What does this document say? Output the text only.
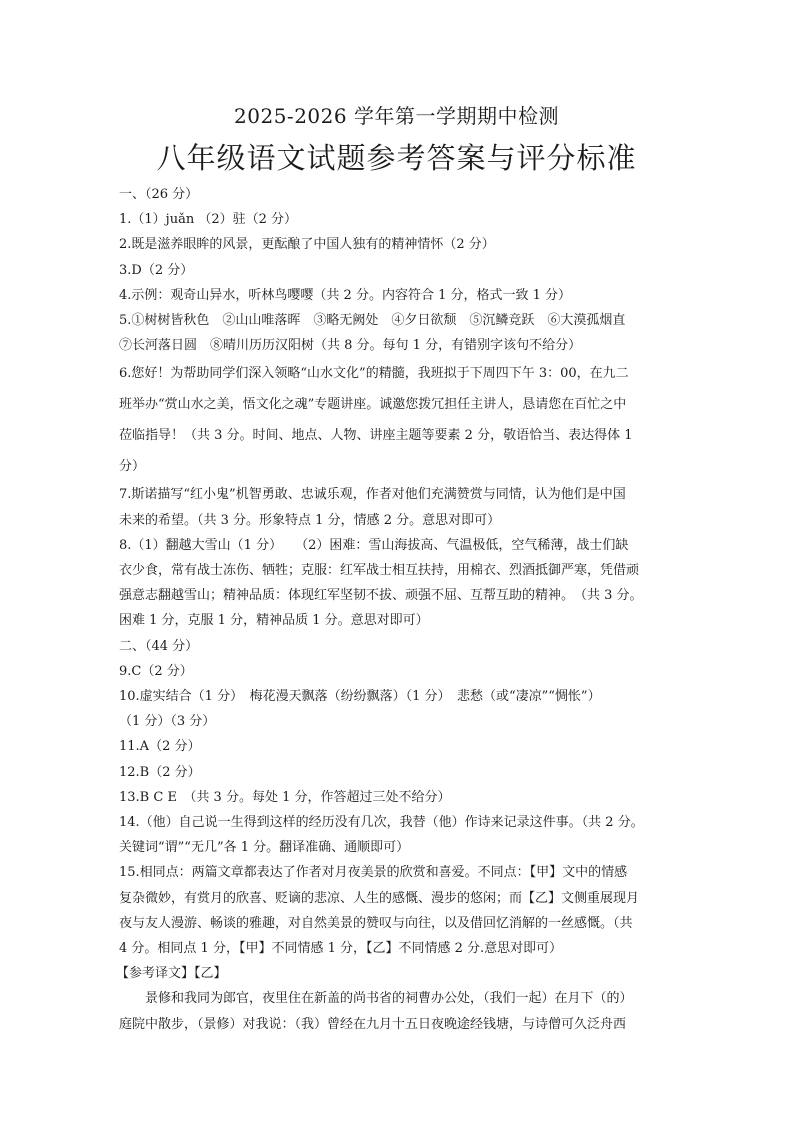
2025-2026 学年第一学期期中检测
八年级语文试题参考答案与评分标准

一、（26 分）

1.（1）juǎn （2）驻（2 分）

2.既是滋养眼眸的风景，更酝酿了中国人独有的精神情怀（2 分）

3.D（2 分）

4.示例：观奇山异水，听林鸟嘤嘤（共 2 分。内容符合 1 分，格式一致 1 分）

5.①树树皆秋色　②山山唯落晖　③略无阙处　④夕日欲颓　⑤沉鳞竞跃　⑥大漠孤烟直

⑦长河落日圆　⑧晴川历历汉阳树（共 8 分。每句 1 分，有错别字该句不给分）

6.您好！为帮助同学们深入领略“山水文化”的精髓，我班拟于下周四下午 3：00，在九二

班举办“赏山水之美，悟文化之魂”专题讲座。诚邀您拨冗担任主讲人，恳请您在百忙之中

莅临指导！（共 3 分。时间、地点、人物、讲座主题等要素 2 分，敬语恰当、表达得体 1

分）

7.斯诺描写“红小鬼”机智勇敢、忠诚乐观，作者对他们充满赞赏与同情，认为他们是中国

未来的希望。（共 3 分。形象特点 1 分，情感 2 分。意思对即可）

8.（1）翻越大雪山（1 分）　　（2）困难：雪山海拔高、气温极低，空气稀薄，战士们缺

衣少食，常有战士冻伤、牺牲；克服：红军战士相互扶持，用棉衣、烈酒抵御严寒，凭借顽

强意志翻越雪山；精神品质：体现红军坚韧不拔、顽强不屈、互帮互助的精神。　（共 3 分。

困难 1 分，克服 1 分，精神品质 1 分。意思对即可）

二、（44 分）

9.C（2 分）

10.虚实结合（1 分）　梅花漫天飘落（纷纷飘落）（1 分）　悲愁（或“凄凉”“惆怅”）

（1 分）（3 分）

11.A（2 分）

12.B（2 分）

13.B C E　（共 3 分。每处 1 分，作答超过三处不给分）

14.（他）自己说一生得到这样的经历没有几次，我替（他）作诗来记录这件事。（共 2 分。

关键词“谓”“无几”各 1 分。翻译准确、通顺即可）

15.相同点：两篇文章都表达了作者对月夜美景的欣赏和喜爱。不同点：【甲】文中的情感

复杂微妙，有赏月的欣喜、贬谪的悲凉、人生的感慨、漫步的悠闲；而【乙】文侧重展现月

夜与友人漫游、畅谈的雅趣，对自然美景的赞叹与向往，以及借回忆消解的一丝感慨。（共

4 分。相同点 1 分，【甲】不同情感 1 分，【乙】不同情感 2 分.意思对即可）

【参考译文】【乙】

景修和我同为郎官，夜里住在新盖的尚书省的祠曹办公处，（我们一起）在月下（的）

庭院中散步，（景修）对我说：（我）曾经在九月十五日夜晚途经钱塘，与诗僧可久泛舟西
